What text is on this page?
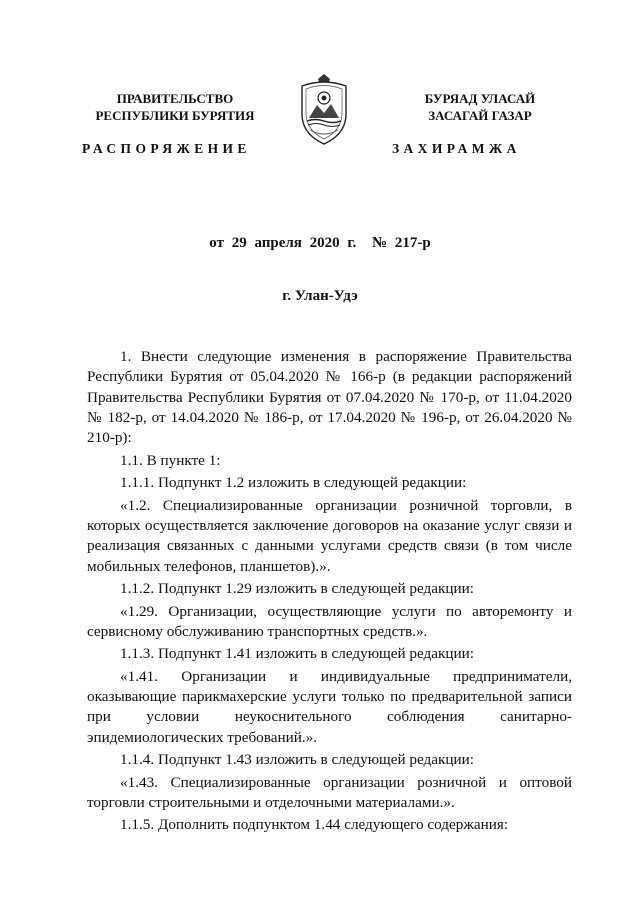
ПРАВИТЕЛЬСТВО
РЕСПУБЛИКИ БУРЯТИЯ
БУРЯАД УЛАСАЙ
ЗАСАГАЙ ГАЗАР
РАСПОРЯЖЕНИЕ	ЗАХИРАМЖА
от 29 апреля 2020 г. № 217-р
г. Улан-Удэ

1. Внести следующие изменения в распоряжение Правительства Республики Бурятия от 05.04.2020 № 166-р (в редакции распоряжений Правительства Республики Бурятия от 07.04.2020 № 170-р, от 11.04.2020 № 182-р, от 14.04.2020 № 186-р, от 17.04.2020 № 196-р, от 26.04.2020 № 210-р):

1.1. В пункте 1:

1.1.1. Подпункт 1.2 изложить в следующей редакции:

«1.2. Специализированные организации розничной торговли, в которых осуществляется заключение договоров на оказание услуг связи и реализация связанных с данными услугами средств связи (в том числе мобильных телефонов, планшетов).».

1.1.2. Подпункт 1.29 изложить в следующей редакции:

«1.29. Организации, осуществляющие услуги по авторемонту и сервисному обслуживанию транспортных средств.».

1.1.3. Подпункт 1.41 изложить в следующей редакции:

«1.41. Организации и индивидуальные предприниматели, оказывающие парикмахерские услуги только по предварительной записи при условии неукоснительного соблюдения санитарно-эпидемиологических требований.».

1.1.4. Подпункт 1.43 изложить в следующей редакции:

«1.43. Специализированные организации розничной и оптовой торговли строительными и отделочными материалами.».

1.1.5. Дополнить подпунктом 1.44 следующего содержания:
